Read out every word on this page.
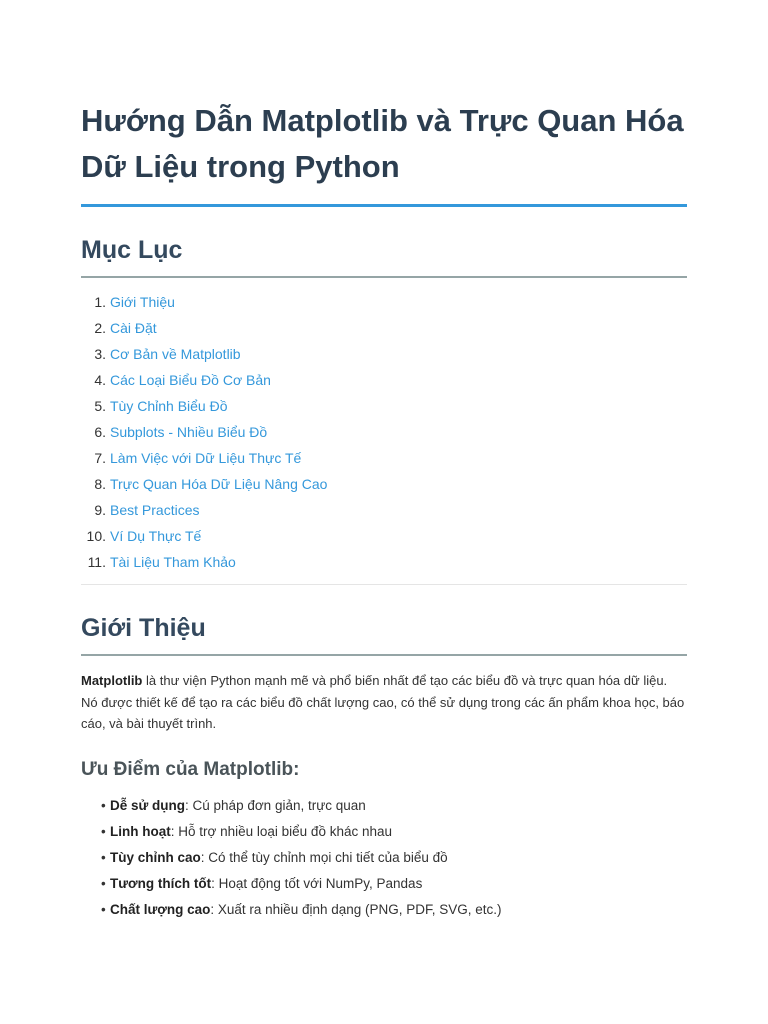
Hướng Dẫn Matplotlib và Trực Quan Hóa Dữ Liệu trong Python
Mục Lục
1. Giới Thiệu
2. Cài Đặt
3. Cơ Bản về Matplotlib
4. Các Loại Biểu Đồ Cơ Bản
5. Tùy Chỉnh Biểu Đồ
6. Subplots - Nhiều Biểu Đồ
7. Làm Việc với Dữ Liệu Thực Tế
8. Trực Quan Hóa Dữ Liệu Nâng Cao
9. Best Practices
10. Ví Dụ Thực Tế
11. Tài Liệu Tham Khảo
Giới Thiệu

Matplotlib là thư viện Python mạnh mẽ và phổ biến nhất để tạo các biểu đồ và trực quan hóa dữ liệu. Nó được thiết kế để tạo ra các biểu đồ chất lượng cao, có thể sử dụng trong các ấn phẩm khoa học, báo cáo, và bài thuyết trình.

Ưu Điểm của Matplotlib:
• Dễ sử dụng: Cú pháp đơn giản, trực quan
• Linh hoạt: Hỗ trợ nhiều loại biểu đồ khác nhau
• Tùy chỉnh cao: Có thể tùy chỉnh mọi chi tiết của biểu đồ
• Tương thích tốt: Hoạt động tốt với NumPy, Pandas
• Chất lượng cao: Xuất ra nhiều định dạng (PNG, PDF, SVG, etc.)
